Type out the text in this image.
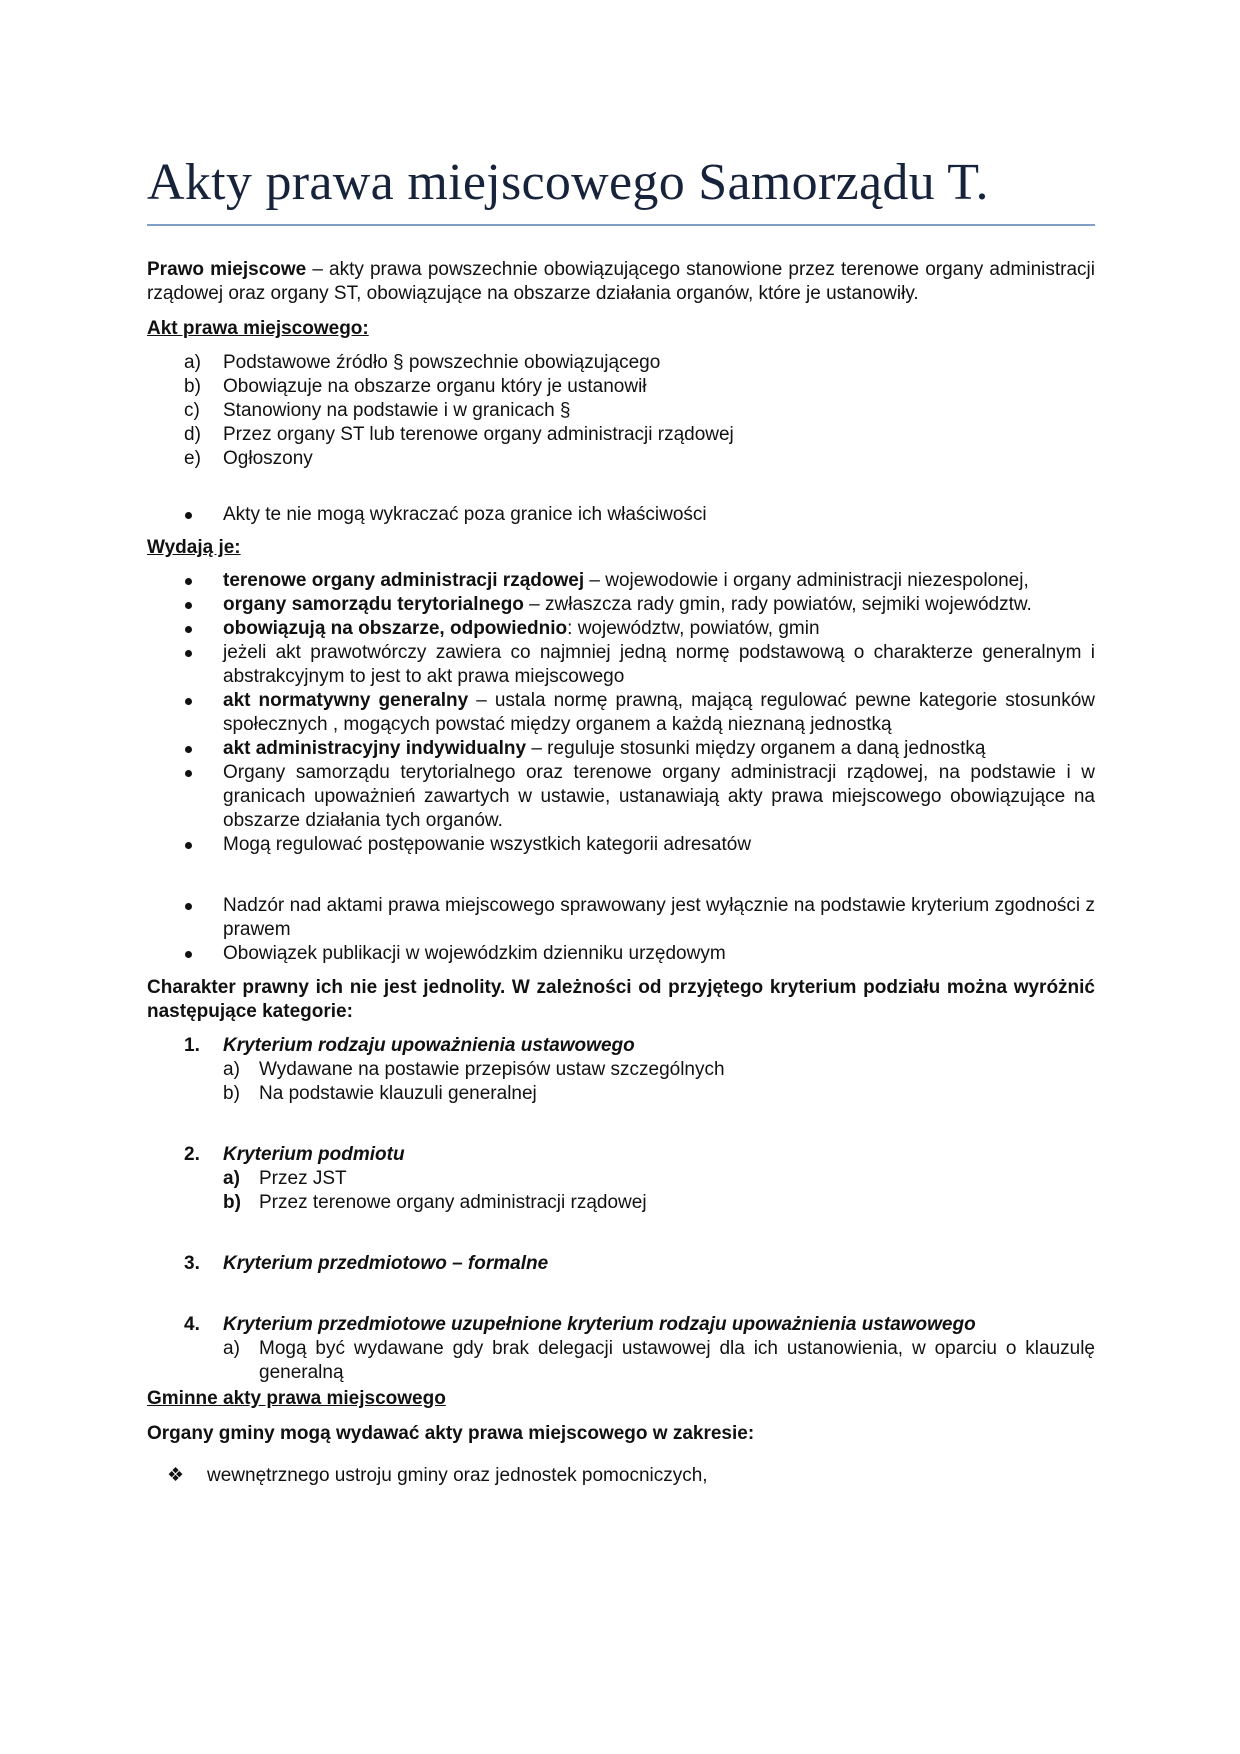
Akty prawa miejscowego Samorządu T.

Prawo miejscowe – akty prawa powszechnie obowiązującego stanowione przez terenowe organy administracji rządowej oraz organy ST, obowiązujące na obszarze działania organów, które je ustanowiły.

Akt prawa miejscowego:

a) Podstawowe źródło § powszechnie obowiązującego
b) Obowiązuje na obszarze organu który je ustanowił
c) Stanowiony na podstawie i w granicach §
d) Przez organy ST lub terenowe organy administracji rządowej
e) Ogłoszony
Akty te nie mogą wykraczać poza granice ich właściwości

Wydają je:

terenowe organy administracji rządowej – wojewodowie i organy administracji niezespolonej,
organy samorządu terytorialnego – zwłaszcza rady gmin, rady powiatów, sejmiki województw.
obowiązują na obszarze, odpowiednio: województw, powiatów, gmin
jeżeli akt prawotwórczy zawiera co najmniej jedną normę podstawową o charakterze generalnym i abstrakcyjnym to jest to akt prawa miejscowego
akt normatywny generalny – ustala normę prawną, mającą regulować pewne kategorie stosunków społecznych , mogących powstać między organem a każdą nieznaną jednostką
akt administracyjny indywidualny – reguluje stosunki między organem a daną jednostką
Organy samorządu terytorialnego oraz terenowe organy administracji rządowej, na podstawie i w granicach upoważnień zawartych w ustawie, ustanawiają akty prawa miejscowego obowiązujące na obszarze działania tych organów.
Mogą regulować postępowanie wszystkich kategorii adresatów
Nadzór nad aktami prawa miejscowego sprawowany jest wyłącznie na podstawie kryterium zgodności z prawem
Obowiązek publikacji w wojewódzkim dzienniku urzędowym

Charakter prawny ich nie jest jednolity. W zależności od przyjętego kryterium podziału można wyróżnić następujące kategorie:

1. Kryterium rodzaju upoważnienia ustawowego
a) Wydawane na postawie przepisów ustaw szczególnych
b) Na podstawie klauzuli generalnej
2. Kryterium podmiotu
a) Przez JST
b) Przez terenowe organy administracji rządowej
3. Kryterium przedmiotowo – formalne
4. Kryterium przedmiotowe uzupełnione kryterium rodzaju upoważnienia ustawowego
a) Mogą być wydawane gdy brak delegacji ustawowej dla ich ustanowienia, w oparciu o klauzulę generalną

Gminne akty prawa miejscowego

Organy gminy mogą wydawać akty prawa miejscowego w zakresie:

❖ wewnętrznego ustroju gminy oraz jednostek pomocniczych,
